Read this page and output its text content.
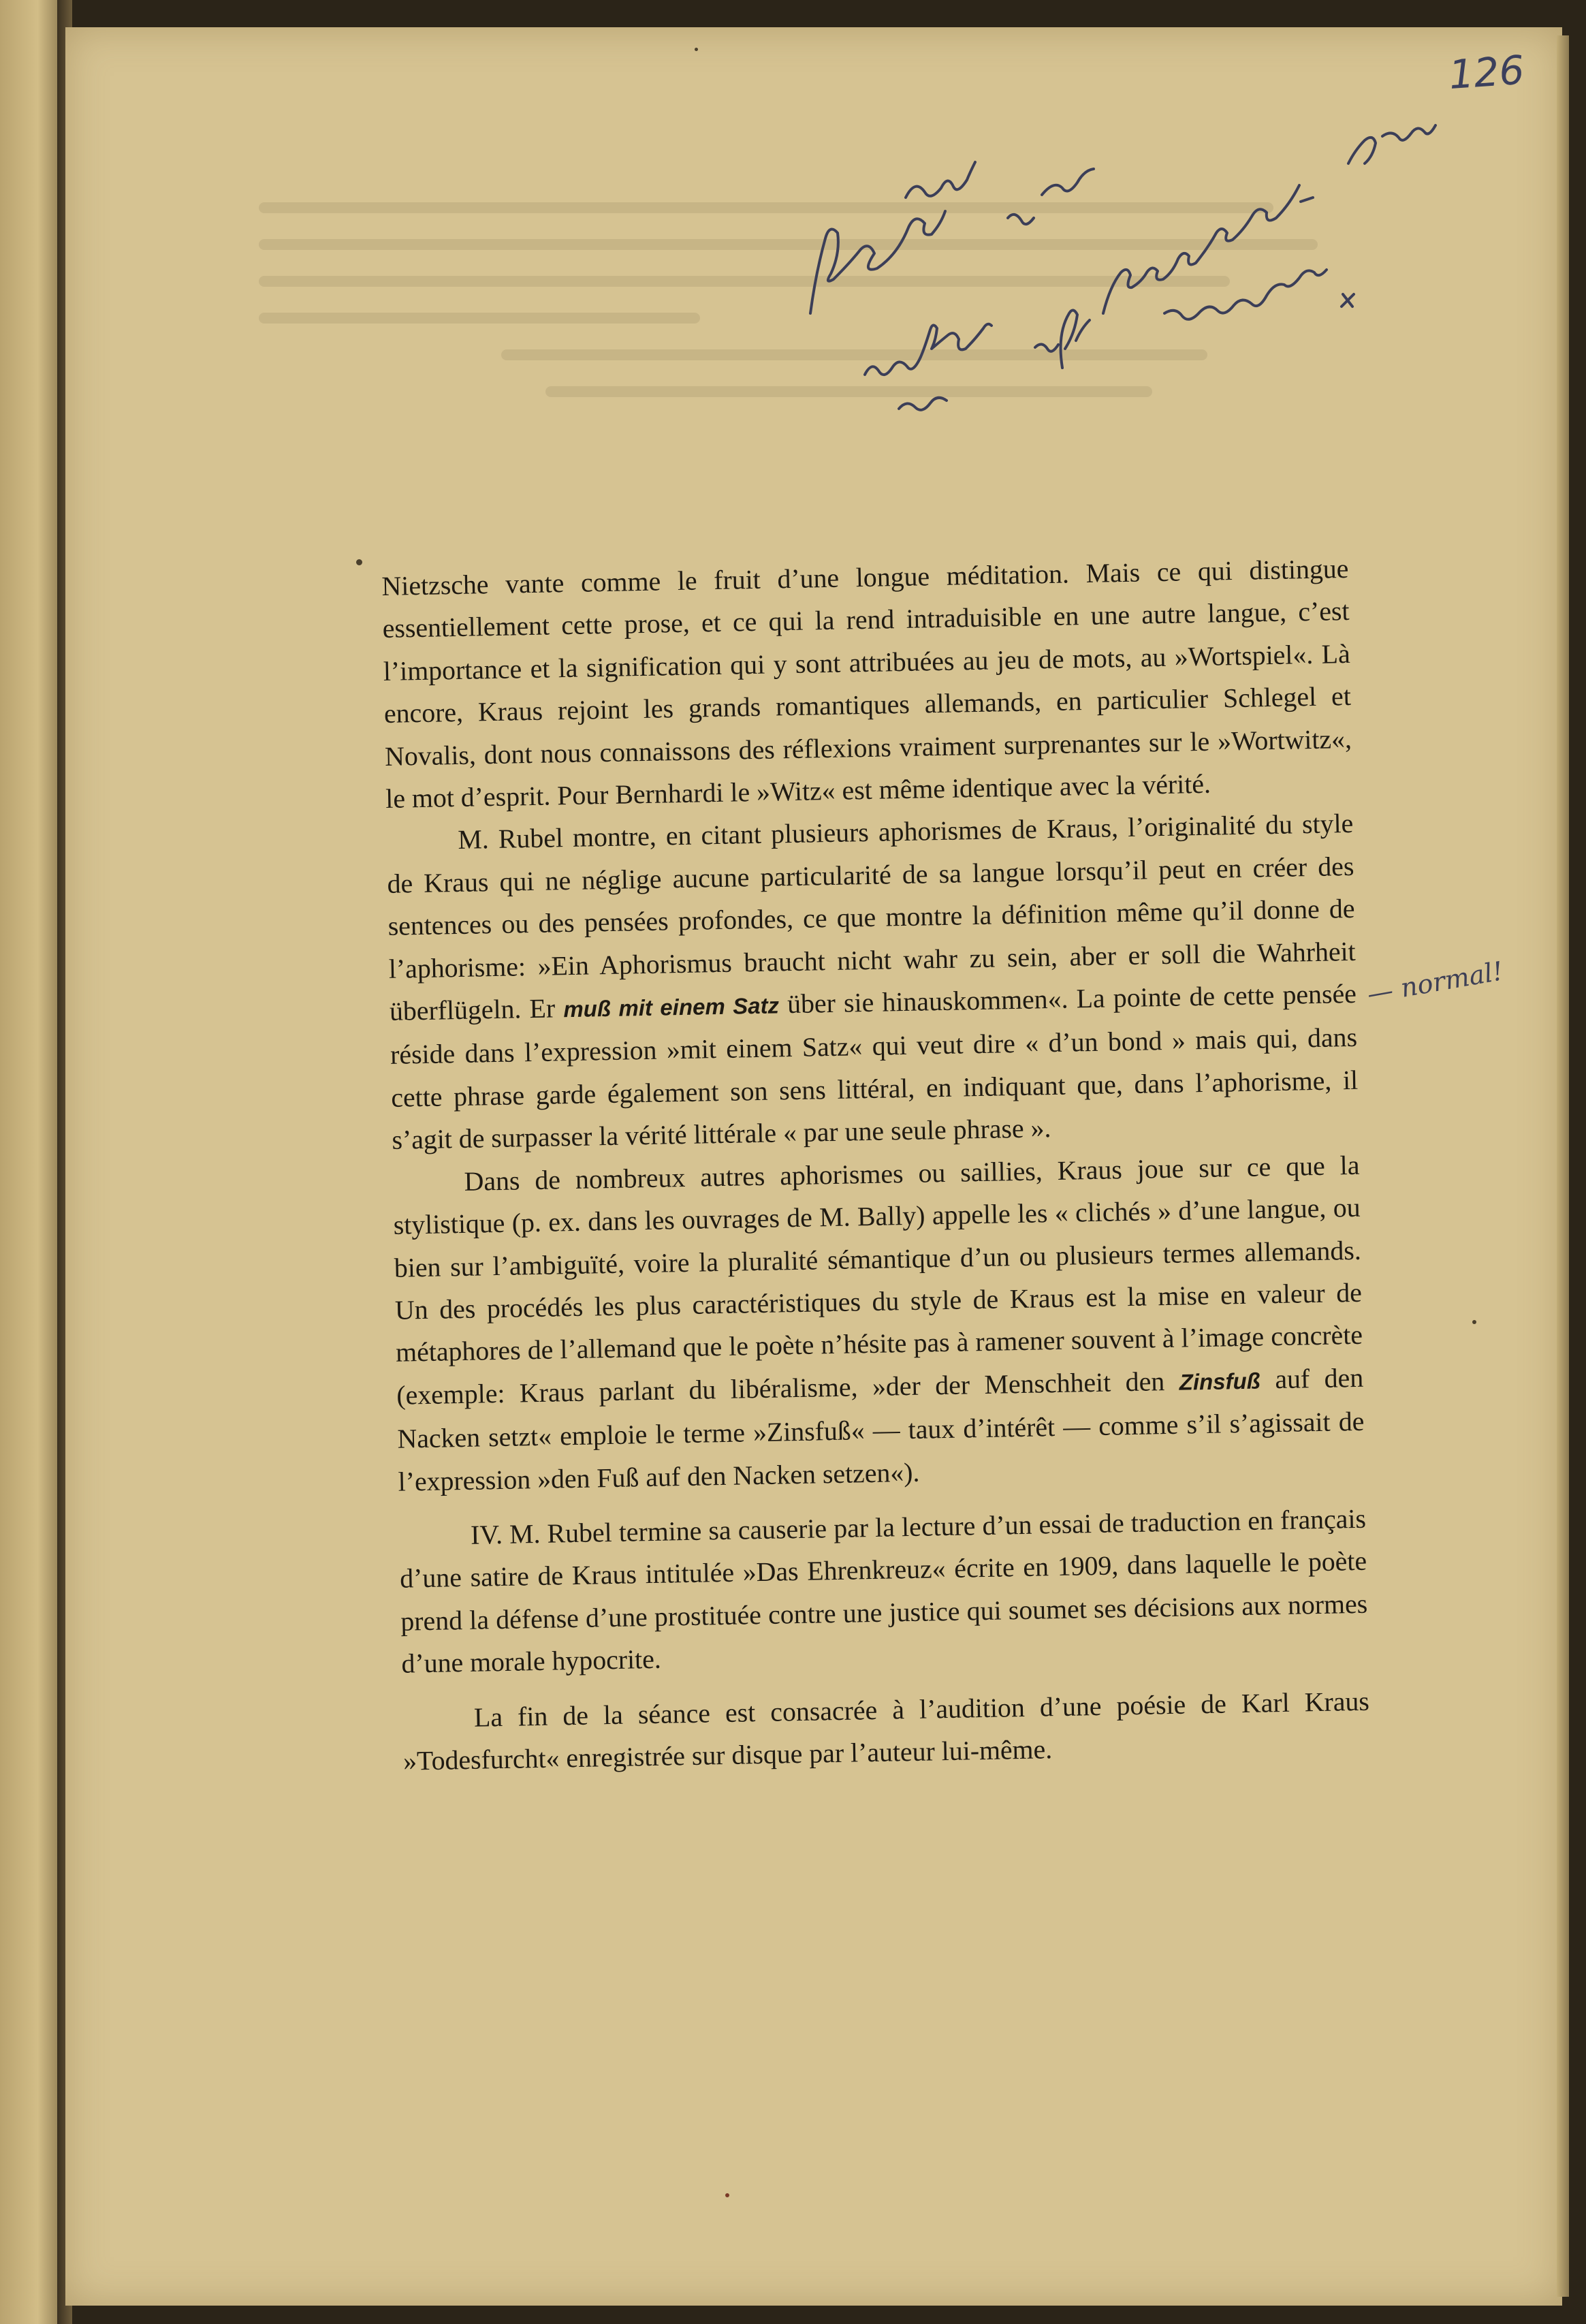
126
— normal!

Nietzsche vante comme le fruit d’une longue méditation. Mais ce qui distingue essentiellement cette prose, et ce qui la rend intraduisible en une autre langue, c’est l’importance et la signification qui y sont attribuées au jeu de mots, au »Wortspiel«. Là encore, Kraus rejoint les grands romantiques allemands, en particulier Schlegel et Novalis, dont nous connaissons des réflexions vraiment surprenantes sur le »Wortwitz«, le mot d’esprit. Pour Bernhardi le »Witz« est même identique avec la vérité.

M. Rubel montre, en citant plusieurs aphorismes de Kraus, l’originalité du style de Kraus qui ne néglige aucune particularité de sa langue lorsqu’il peut en créer des sentences ou des pensées profondes, ce que montre la définition même qu’il donne de l’aphorisme: »Ein Aphorismus braucht nicht wahr zu sein, aber er soll die Wahrheit überflügeln. Er muß mit einem Satz über sie hinauskommen«. La pointe de cette pensée réside dans l’expression »mit einem Satz« qui veut dire « d’un bond » mais qui, dans cette phrase garde également son sens littéral, en indiquant que, dans l’aphorisme, il s’agit de surpasser la vérité littérale « par une seule phrase ».

Dans de nombreux autres aphorismes ou saillies, Kraus joue sur ce que la stylistique (p. ex. dans les ouvrages de M. Bally) appelle les « clichés » d’une langue, ou bien sur l’ambiguïté, voire la pluralité sémantique d’un ou plusieurs termes allemands. Un des procédés les plus caractéristiques du style de Kraus est la mise en valeur de métaphores de l’allemand que le poète n’hésite pas à ramener souvent à l’image concrète (exemple: Kraus parlant du libéralisme, »der der Menschheit den Zinsfuß auf den Nacken setzt« emploie le terme »Zinsfuß« — taux d’intérêt — comme s’il s’agissait de l’expression »den Fuß auf den Nacken setzen«).

IV. M. Rubel termine sa causerie par la lecture d’un essai de traduction en français d’une satire de Kraus intitulée »Das Ehrenkreuz« écrite en 1909, dans laquelle le poète prend la défense d’une prostituée contre une justice qui soumet ses décisions aux normes d’une morale hypocrite.

La fin de la séance est consacrée à l’audition d’une poésie de Karl Kraus »Todesfurcht« enregistrée sur disque par l’auteur lui-même.
